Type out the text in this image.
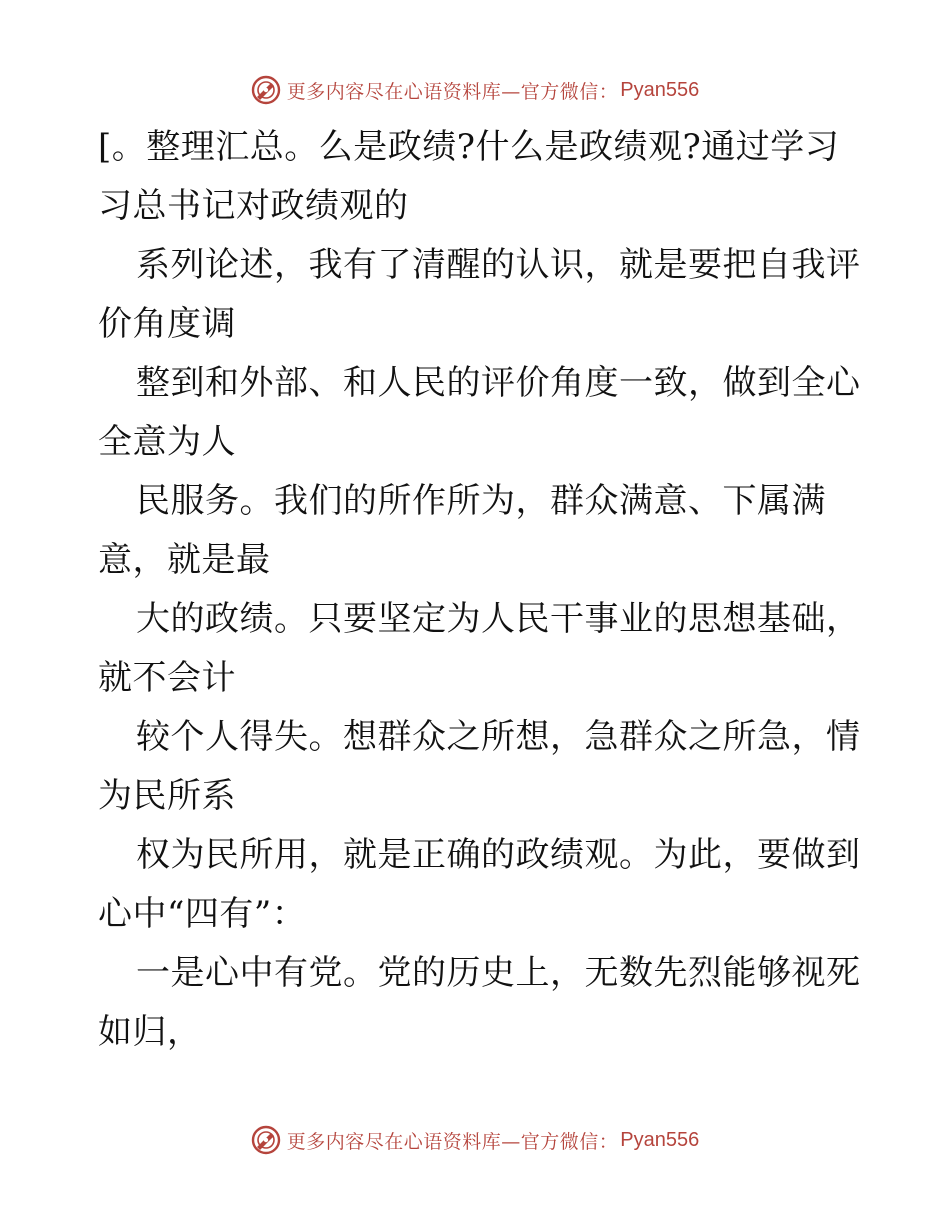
更多内容尽在心语资料库—官方微信： Pyan556
[。整理汇总。么是政绩?什么是政绩观?通过学习
习总书记对政绩观的
系列论述，我有了清醒的认识，就是要把自我评
价角度调
整到和外部、和人民的评价角度一致，做到全心
全意为人
民服务。我们的所作所为，群众满意、下属满
意，就是最
大的政绩。只要坚定为人民干事业的思想基础，
就不会计
较个人得失。想群众之所想，急群众之所急，情
为民所系
权为民所用，就是正确的政绩观。为此，要做到
心中“四有”：
一是心中有党。党的历史上，无数先烈能够视死
如归，
更多内容尽在心语资料库—官方微信： Pyan556
